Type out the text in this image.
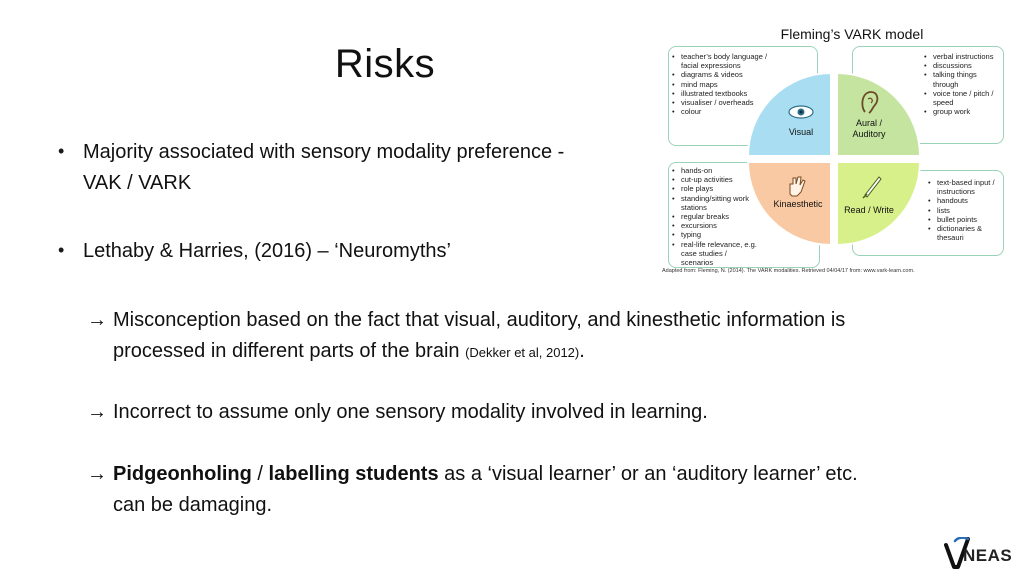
Risks
• Majority associated with sensory modality preference -
VAK / VARK
• Lethaby & Harries, (2016) – ‘Neuromyths’
→ Misconception based on the fact that visual, auditory, and kinesthetic information is
processed in different parts of the brain (Dekker et al, 2012).
→ Incorrect to assume only one sensory modality involved in learning.
→ Pidgeonholing / labelling students as a ‘visual learner’ or an ‘auditory learner’ etc.
can be damaging.
Fleming’s VARK model
• teacher’s body language / facial expressions
• diagrams & videos
• mind maps
• illustrated textbooks
• visualiser / overheads
• colour
• verbal instructions
• discussions
• talking things through
• voice tone / pitch / speed
• group work
• hands-on
• cut-up activities
• role plays
• standing/sitting work stations
• regular breaks
• excursions
• typing
• real-life relevance, e.g. case studies / scenarios
• text-based input / instructions
• handouts
• lists
• bullet points
• dictionaries & thesauri
Visual
Aural /
Auditory
Kinaesthetic
Read / Write
Adapted from: Fleming, N. (2014). The VARK modalities. Retrieved 04/04/17 from: www.vark-learn.com.
NEAS
